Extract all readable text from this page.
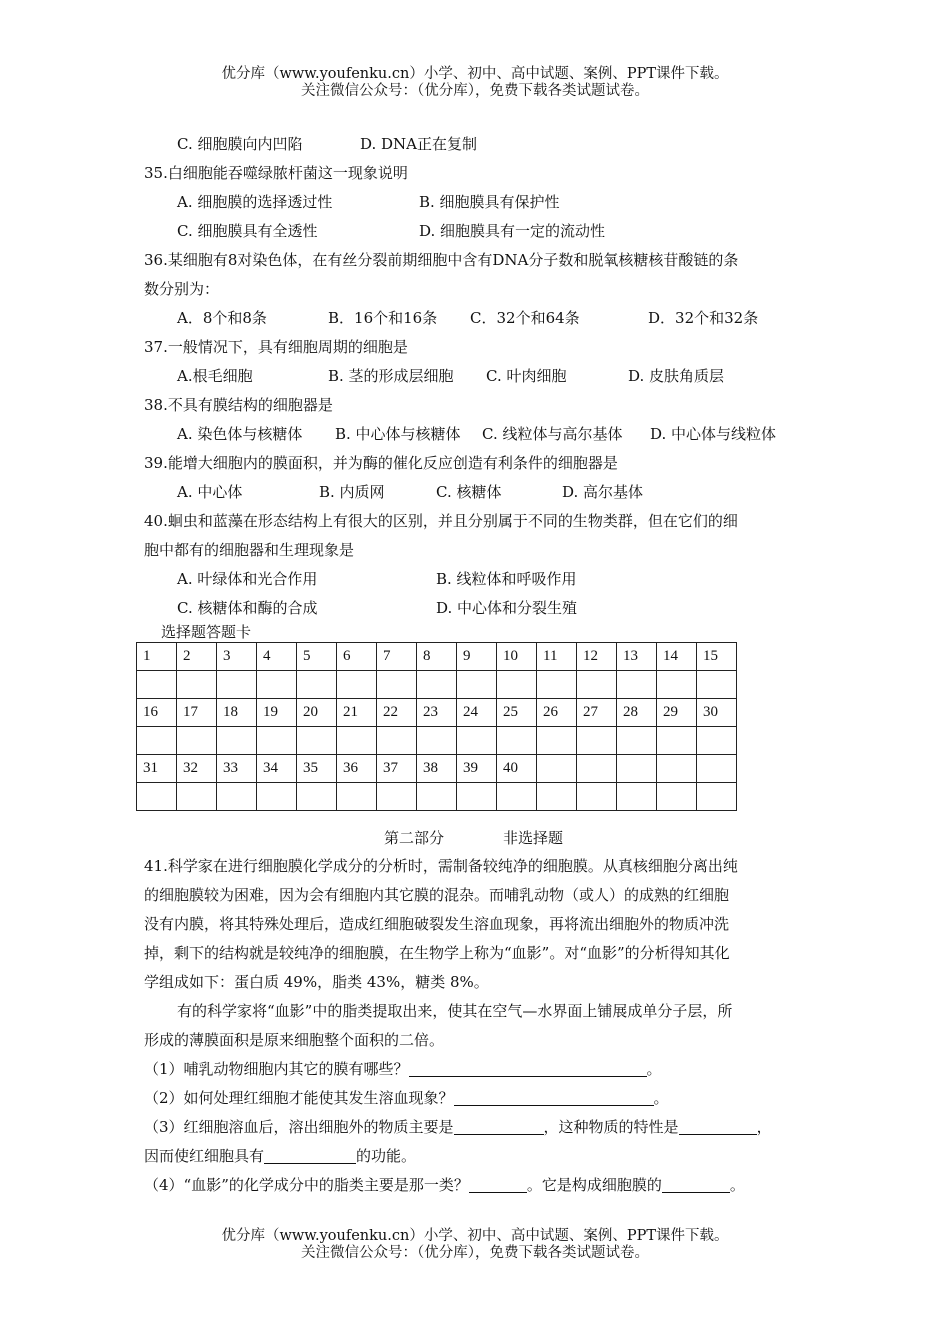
优分库（www.youfenku.cn）小学、初中、高中试题、案例、PPT课件下载。
关注微信公众号：（优分库），免费下载各类试题试卷。
C. 细胞膜向内凹陷	D. DNA正在复制
35.白细胞能吞噬绿脓杆菌这一现象说明
A. 细胞膜的选择透过性	B. 细胞膜具有保护性
C. 细胞膜具有全透性	D. 细胞膜具有一定的流动性
36.某细胞有8对染色体，在有丝分裂前期细胞中含有DNA分子数和脱氧核糖核苷酸链的条
数分别为：
A．8个和8条	B．16个和16条 C．32个和64条	D．32个和32条
37.一般情况下，具有细胞周期的细胞是
A.根毛细胞	B. 茎的形成层细胞 C. 叶肉细胞	D. 皮肤角质层
38.不具有膜结构的细胞器是
A. 染色体与核糖体 B. 中心体与核糖体 C. 线粒体与高尔基体 D. 中心体与线粒体
39.能增大细胞内的膜面积，并为酶的催化反应创造有利条件的细胞器是
A. 中心体	B. 内质网	C. 核糖体	D. 高尔基体
40.蛔虫和蓝藻在形态结构上有很大的区别，并且分别属于不同的生物类群，但在它们的细
胞中都有的细胞器和生理现象是
A. 叶绿体和光合作用	B. 线粒体和呼吸作用
C. 核糖体和酶的合成	D. 中心体和分裂生殖
选择题答题卡
1	2	3	4	5	6	7	8	9	10	11	12	13	14	15

16	17	18	19	20	21	22	23	24	25	26	27	28	29	30

31	32	33	34	35	36	37	38	39	40					

第二部分	非选择题
41.科学家在进行细胞膜化学成分的分析时，需制备较纯净的细胞膜。从真核细胞分离出纯
的细胞膜较为困难，因为会有细胞内其它膜的混杂。而哺乳动物（或人）的成熟的红细胞
没有内膜，将其特殊处理后，造成红细胞破裂发生溶血现象，再将流出细胞外的物质冲洗
掉，剩下的结构就是较纯净的细胞膜，在生物学上称为“血影”。对“血影”的分析得知其化
学组成如下：蛋白质 49%，脂类 43%，糖类 8%。
有的科学家将“血影”中的脂类提取出来，使其在空气—水界面上铺展成单分子层，所
形成的薄膜面积是原来细胞整个面积的二倍。
（1）哺乳动物细胞内其它的膜有哪些？	。
（2）如何处理红细胞才能使其发生溶血现象？	。
（3）红细胞溶血后，溶出细胞外的物质主要是	，这种物质的特性是	，
因而使红细胞具有	的功能。
（4）“血影”的化学成分中的脂类主要是那一类？	。它是构成细胞膜的	。
优分库（www.youfenku.cn）小学、初中、高中试题、案例、PPT课件下载。
关注微信公众号：（优分库），免费下载各类试题试卷。
